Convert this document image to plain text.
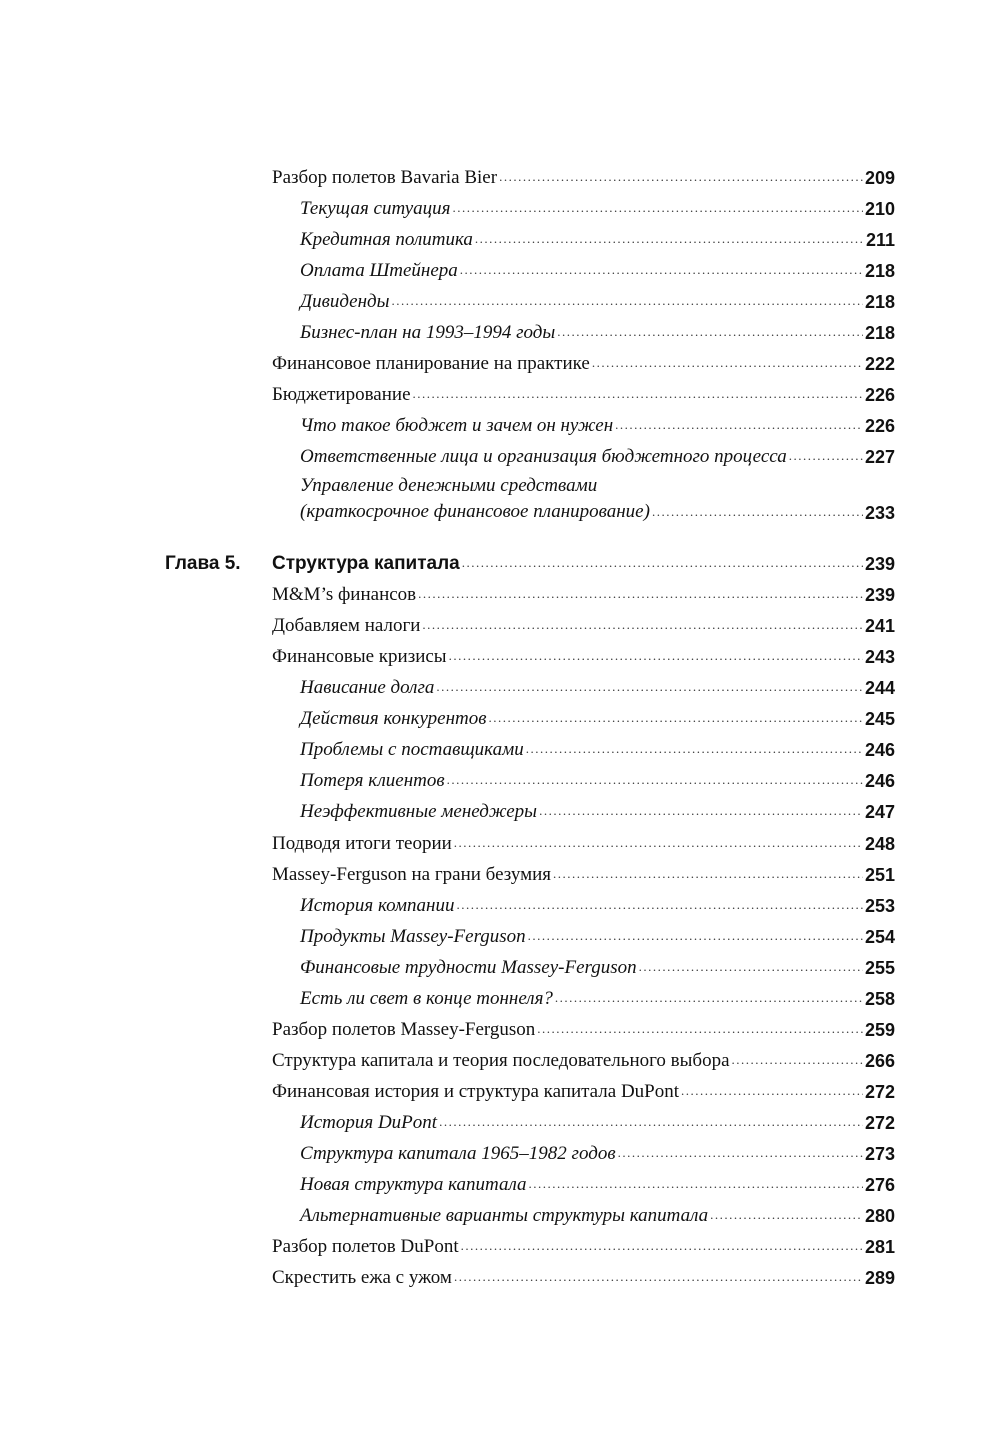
Разбор полетов Bavaria Bier .....	209
Текущая ситуация .....	210
Кредитная политика .....	211
Оплата Штейнера .....	218
Дивиденды .....	218
Бизнес-план на 1993–1994 годы .....	218
Финансовое планирование на практике .....	222
Бюджетирование .....	226
Что такое бюджет и зачем он нужен .....	226
Ответственные лица и организация бюджетного процесса .....	227
Управление денежными средствами
(краткосрочное финансовое планирование) .....	233
Глава 5. Структура капитала .....	239
M&M’s финансов .....	239
Добавляем налоги .....	241
Финансовые кризисы .....	243
Нависание долга .....	244
Действия конкурентов .....	245
Проблемы с поставщиками .....	246
Потеря клиентов .....	246
Неэффективные менеджеры .....	247
Подводя итоги теории .....	248
Massey-Ferguson на грани безумия .....	251
История компании .....	253
Продукты Massey-Ferguson .....	254
Финансовые трудности Massey-Ferguson .....	255
Есть ли свет в конце тоннеля? .....	258
Разбор полетов Massey-Ferguson .....	259
Структура капитала и теория последовательного выбора .....	266
Финансовая история и структура капитала DuPont .....	272
История DuPont .....	272
Структура капитала 1965–1982 годов .....	273
Новая структура капитала .....	276
Альтернативные варианты структуры капитала .....	280
Разбор полетов DuPont .....	281
Скрестить ежа с ужом .....	289
